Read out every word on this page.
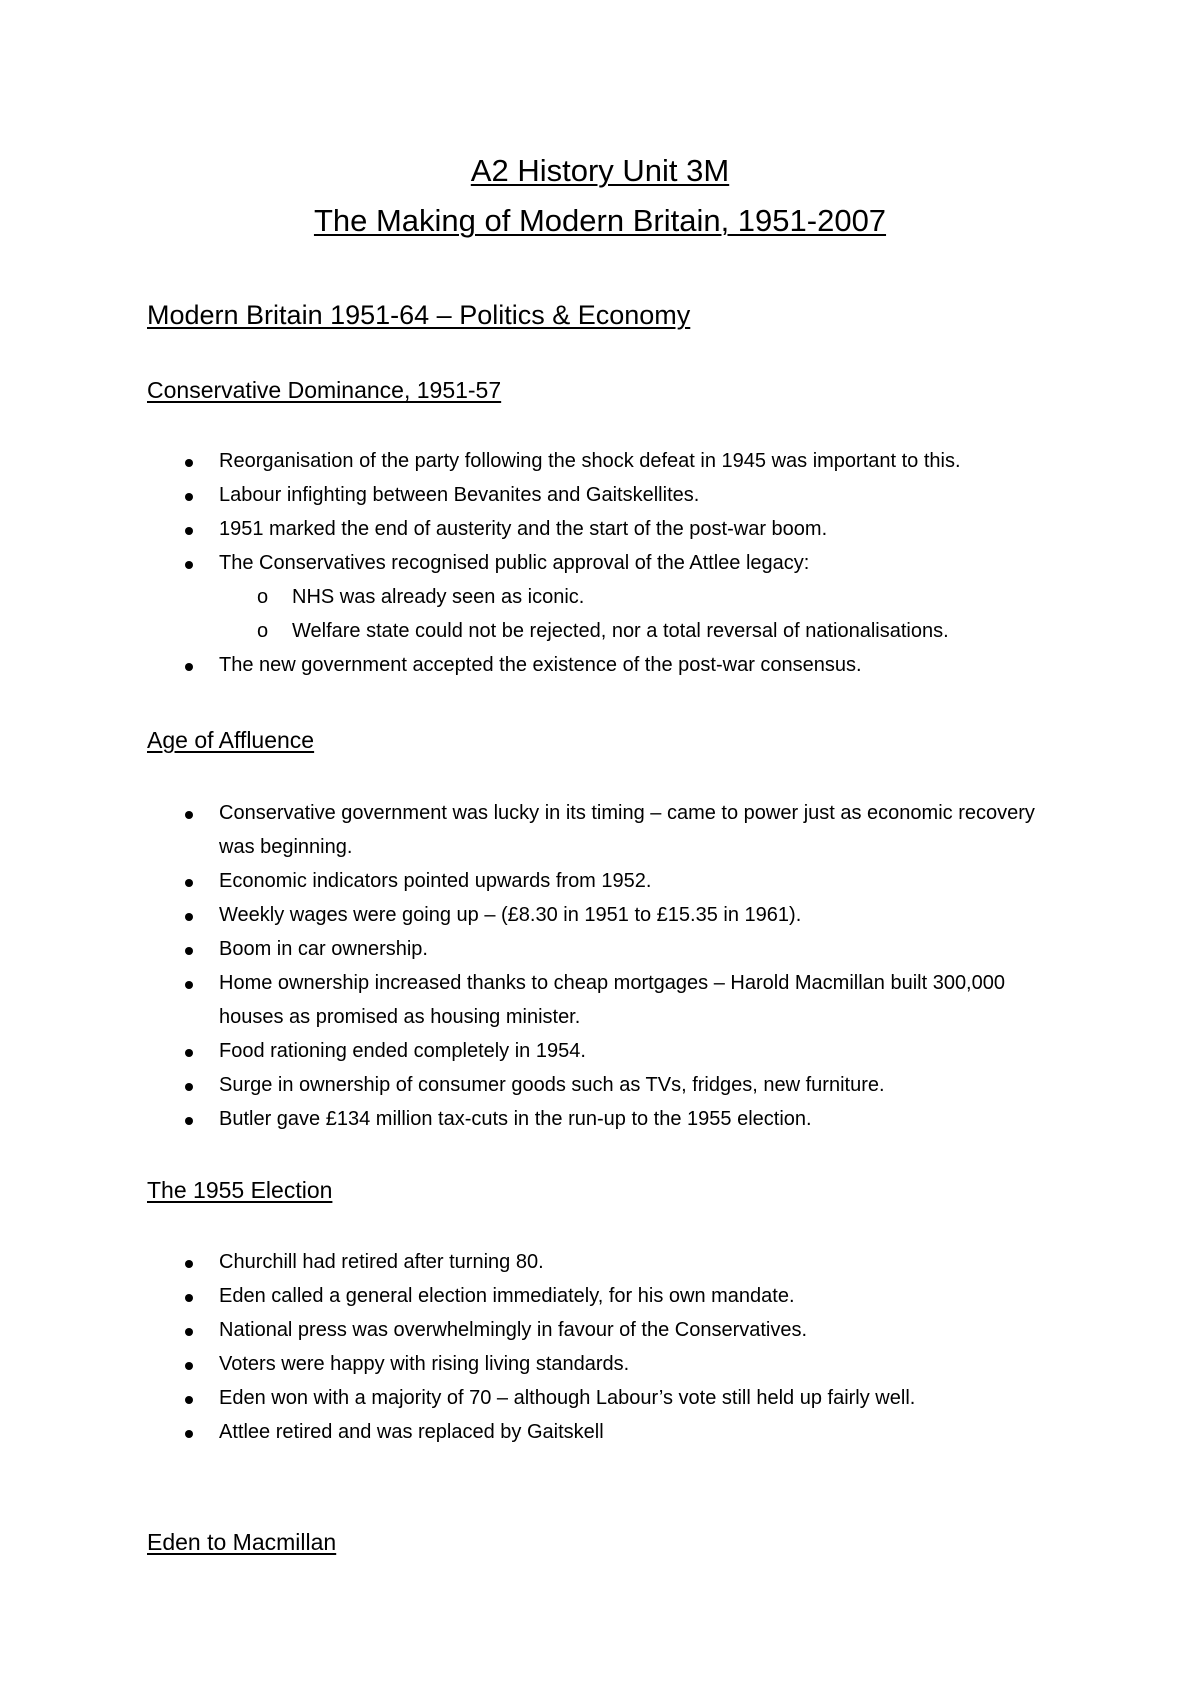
A2 History Unit 3M
The Making of Modern Britain, 1951-2007
Modern Britain 1951-64 – Politics & Economy
Conservative Dominance, 1951-57
Reorganisation of the party following the shock defeat in 1945 was important to this.
Labour infighting between Bevanites and Gaitskellites.
1951 marked the end of austerity and the start of the post-war boom.
The Conservatives recognised public approval of the Attlee legacy:
o NHS was already seen as iconic.
o Welfare state could not be rejected, nor a total reversal of nationalisations.
The new government accepted the existence of the post-war consensus.
Age of Affluence
Conservative government was lucky in its timing – came to power just as economic recovery was beginning.
Economic indicators pointed upwards from 1952.
Weekly wages were going up – (£8.30 in 1951 to £15.35 in 1961).
Boom in car ownership.
Home ownership increased thanks to cheap mortgages – Harold Macmillan built 300,000 houses as promised as housing minister.
Food rationing ended completely in 1954.
Surge in ownership of consumer goods such as TVs, fridges, new furniture.
Butler gave £134 million tax-cuts in the run-up to the 1955 election.
The 1955 Election
Churchill had retired after turning 80.
Eden called a general election immediately, for his own mandate.
National press was overwhelmingly in favour of the Conservatives.
Voters were happy with rising living standards.
Eden won with a majority of 70 – although Labour’s vote still held up fairly well.
Attlee retired and was replaced by Gaitskell
Eden to Macmillan
